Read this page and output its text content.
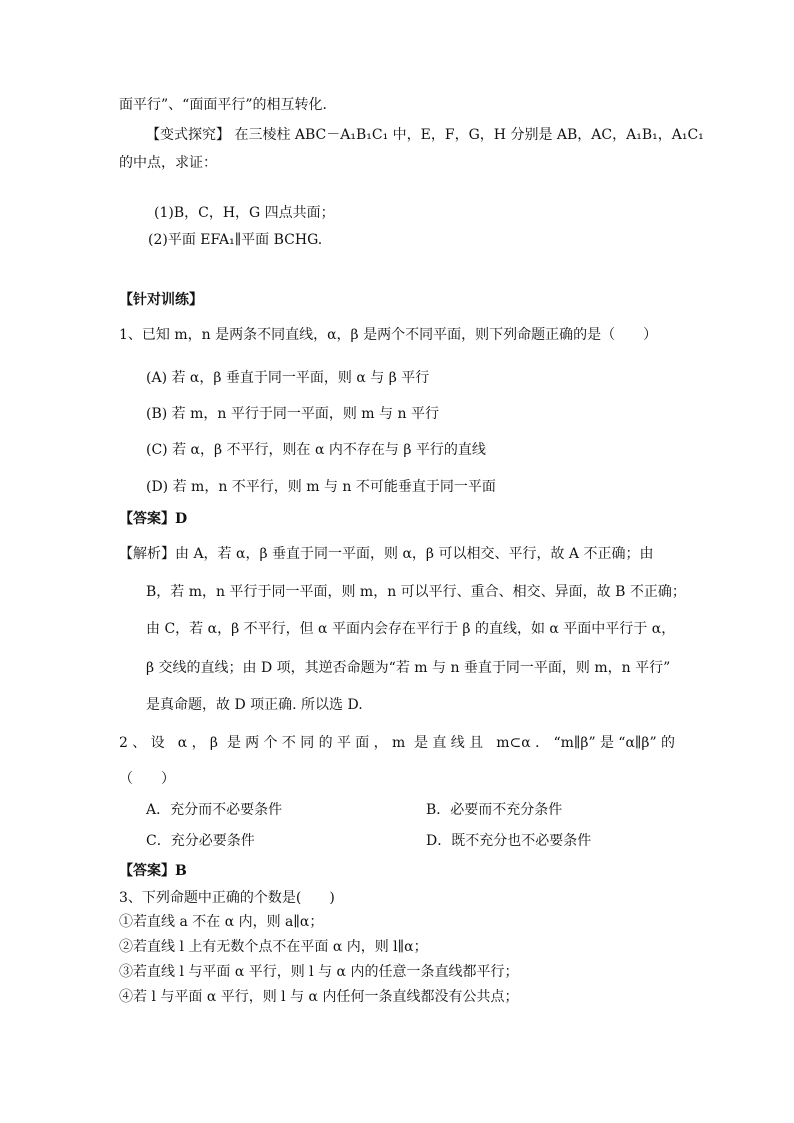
面平行”、“面面平行”的相互转化．
【变式探究】 在三棱柱 ABC－A₁B₁C₁ 中，E，F，G，H 分别是 AB，AC，A₁B₁，A₁C₁
的中点，求证：
(1)B，C，H，G 四点共面；
(2)平面 EFA₁∥平面 BCHG.
【针对训练】
1、已知 m，n 是两条不同直线，α，β 是两个不同平面，则下列命题正确的是（　　）
(A) 若 α，β 垂直于同一平面，则 α 与 β 平行
(B) 若 m，n 平行于同一平面，则 m 与 n 平行
(C) 若 α，β 不平行，则在 α 内不存在与 β 平行的直线
(D) 若 m，n 不平行，则 m 与 n 不可能垂直于同一平面
【答案】D
【解析】由 A，若 α，β 垂直于同一平面，则 α，β 可以相交、平行，故 A 不正确；由
B，若 m，n 平行于同一平面，则 m，n 可以平行、重合、相交、异面，故 B 不正确；
由 C，若 α，β 不平行，但 α 平面内会存在平行于 β 的直线，如 α 平面中平行于 α，
β 交线的直线；由 D 项，其逆否命题为“若 m 与 n 垂直于同一平面，则 m，n 平行”
是真命题，故 D 项正确. 所以选 D.
2、设 α，β 是两个不同的平面，m 是直线且 m⊂α．“m∥β”是“α∥β”的
（　　）
A．充分而不必要条件	B．必要而不充分条件
C．充分必要条件	D．既不充分也不必要条件
【答案】B
3、下列命题中正确的个数是(　　)
①若直线 a 不在 α 内，则 a∥α；
②若直线 l 上有无数个点不在平面 α 内，则 l∥α；
③若直线 l 与平面 α 平行，则 l 与 α 内的任意一条直线都平行；
④若 l 与平面 α 平行，则 l 与 α 内任何一条直线都没有公共点；
